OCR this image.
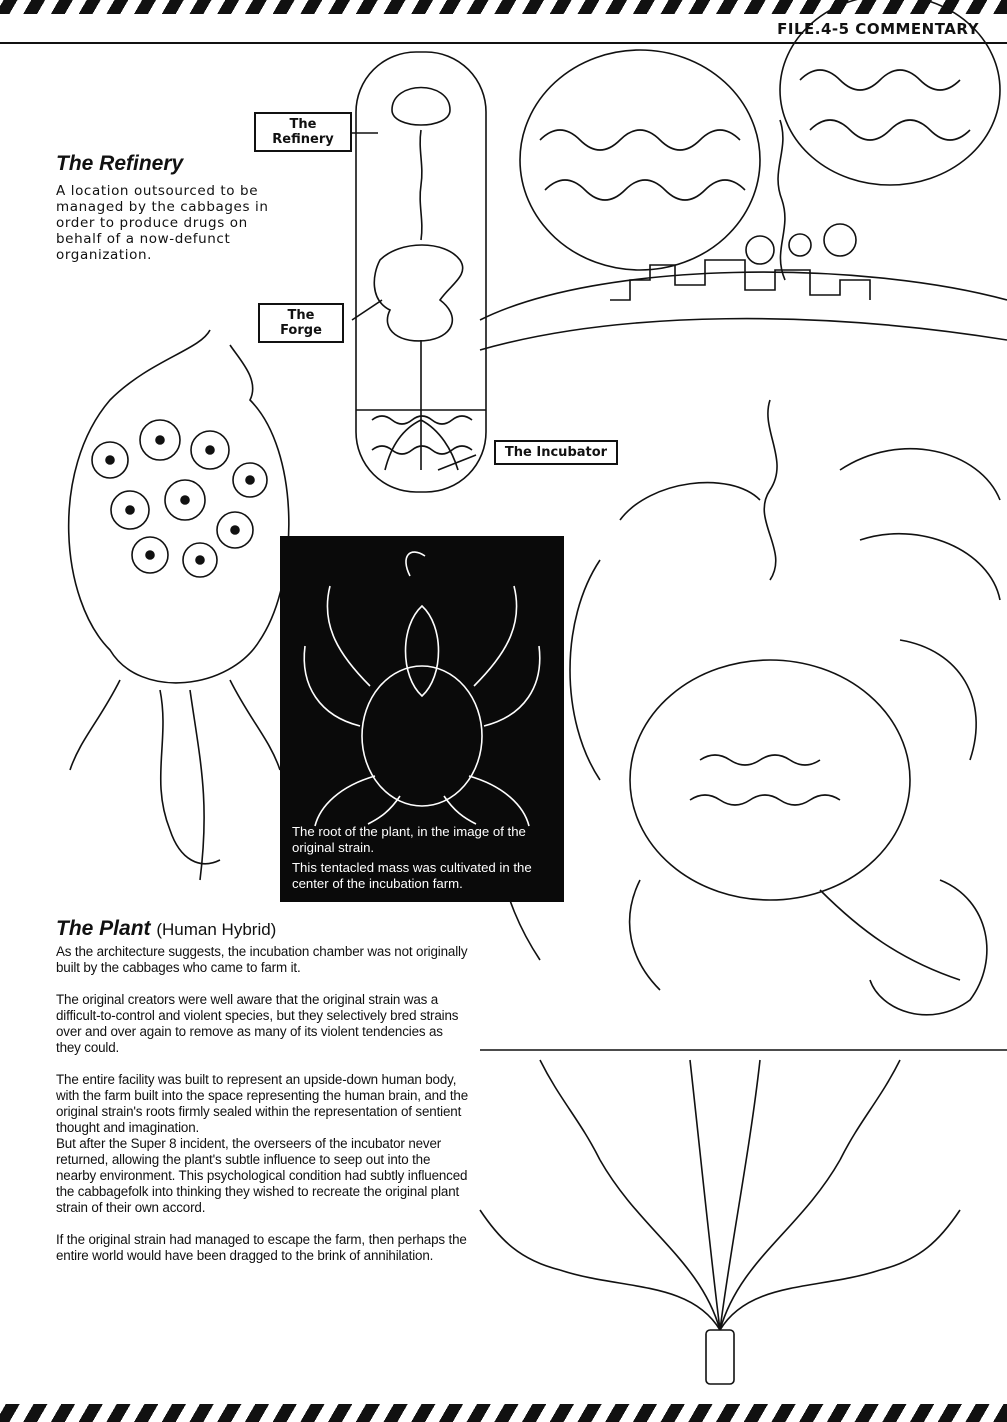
FILE.4-5 COMMENTARY
The
Refinery
The
Forge
The Incubator
The Refinery

A location outsourced to be managed by the cabbages in order to produce drugs on behalf of a now-defunct organization.

The root of the plant, in the image of the original strain.

This tentacled mass was cultivated in the center of the incubation farm.

The Plant (Human Hybrid)

As the architecture suggests, the incubation chamber was not originally built by the cabbages who came to farm it.

The original creators were well aware that the original strain was a difficult-to-control and violent species, but they selectively bred strains over and over again to remove as many of its violent tendencies as they could.

The entire facility was built to represent an upside-down human body, with the farm built into the space representing the human brain, and the original strain's roots firmly sealed within the representation of sentient thought and imagination.

But after the Super 8 incident, the overseers of the incubator never returned, allowing the plant's subtle influence to seep out into the nearby environment. This psychological condition had subtly influenced the cabbagefolk into thinking they wished to recreate the original plant strain of their own accord.

If the original strain had managed to escape the farm, then perhaps the entire world would have been dragged to the brink of annihilation.
